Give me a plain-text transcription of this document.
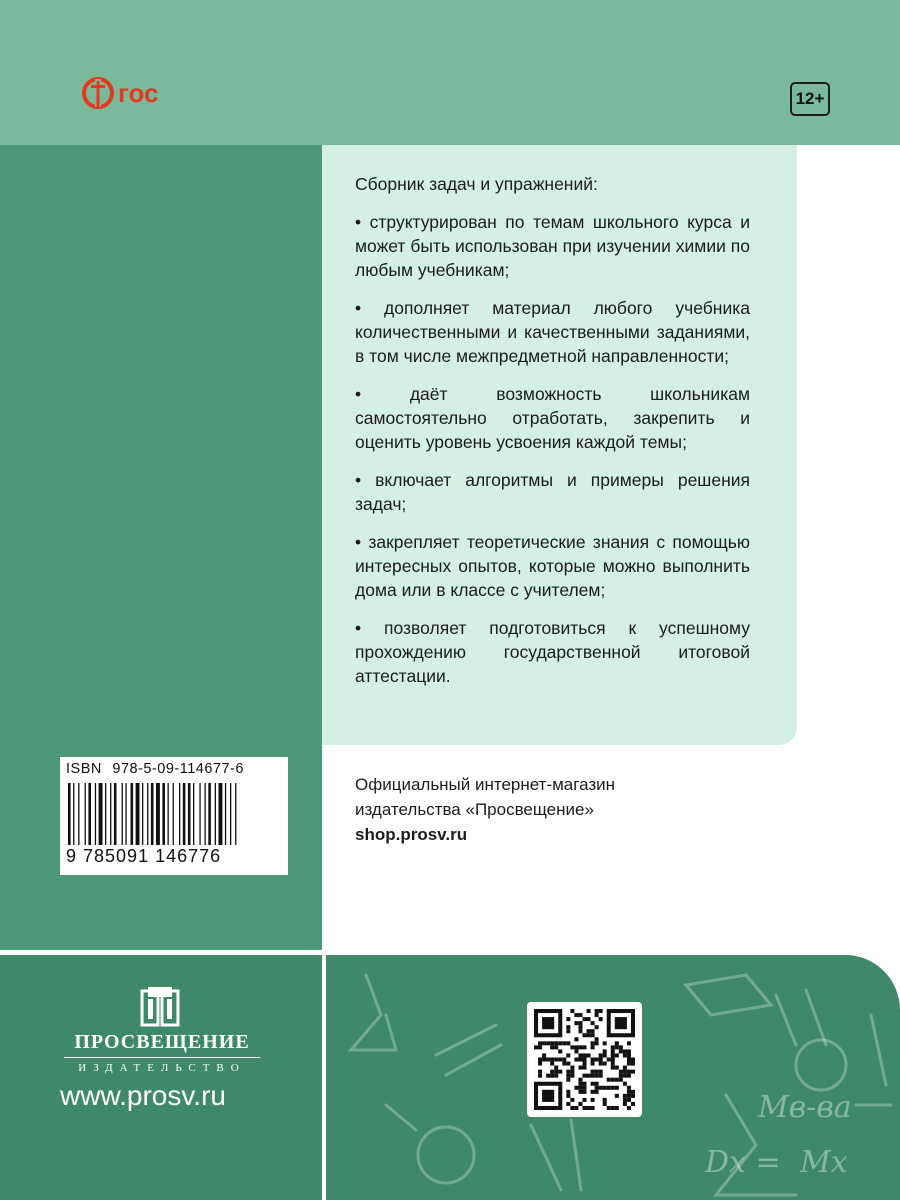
гос	12+

Сборник задач и упражнений:

• структурирован по темам школьного курса и может быть использован при изучении химии по любым учебникам;

• дополняет материал любого учебника количественными и качественными заданиями, в том числе межпредметной направленности;

• даёт возможность школьникам самостоятельно отработать, закрепить и оценить уровень усвоения каждой темы;

• включает алгоритмы и примеры решения задач;

• закрепляет теоретические знания с помощью интересных опытов, которые можно выполнить дома или в классе с учителем;

• позволяет подготовиться к успешному прохождению государственной итоговой аттестации.

ISBN 978-5-09-114677-6
9 785091 146776
Официальный интернет-магазин
издательства «Просвещение»
shop.prosv.ru
Mв-ва
Dx = Mx
ПРОСВЕЩЕНИЕ
ИЗДАТЕЛЬСТВО
www.prosv.ru
